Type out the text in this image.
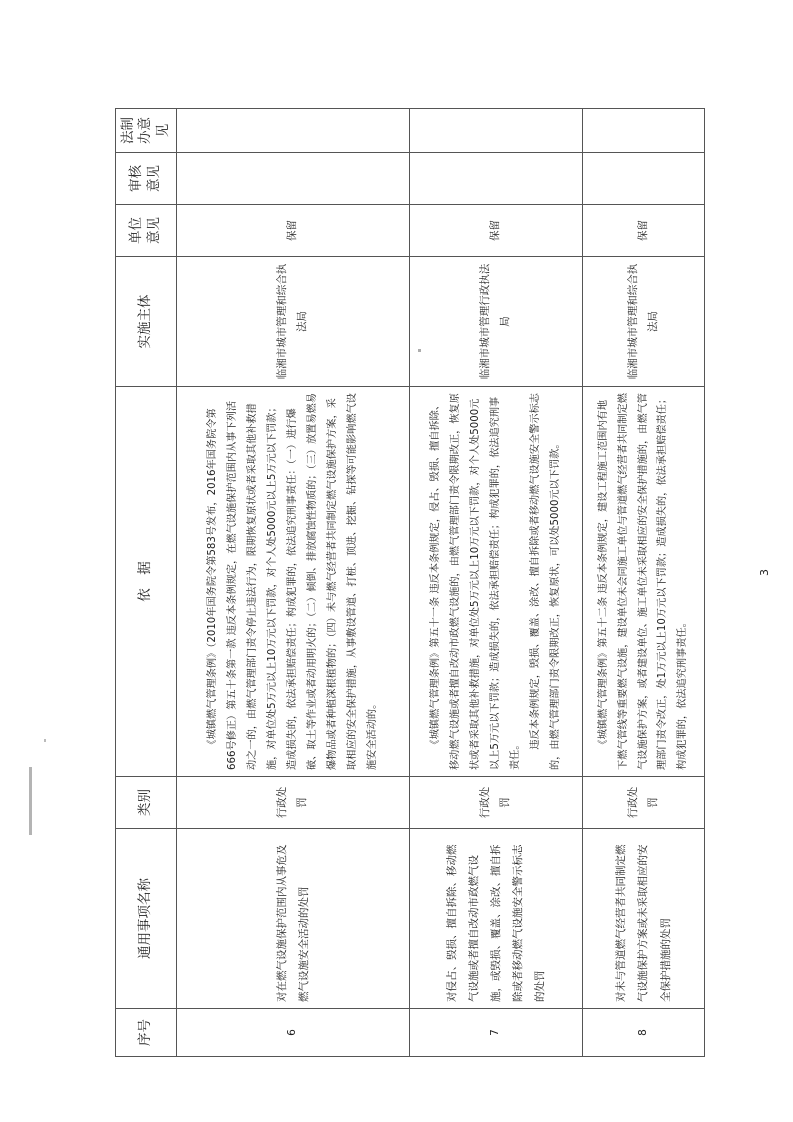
序号	通用事项名称	类别	依　据	实施主体	单位意见	审核意见	法制办意见
6	对在燃气设施保护范围内从事危及燃气设施安全活动的处罚	行政处罚	《城镇燃气管理条例》（2010年国务院令第583号发布，2016年国务院令第666号修正）第五十条第一款 违反本条例规定，在燃气设施保护范围内从事下列活动之一的，由燃气管理部门责令停止违法行为，限期恢复原状或者采取其他补救措施，对单位处5万元以上10万元以下罚款，对个人处5000元以上5万元以下罚款；造成损失的，依法承担赔偿责任；构成犯罪的，依法追究刑事责任：（一）进行爆破、取土等作业或者动用明火的；（二）倾倒、排放腐蚀性物质的；（三）放置易燃易爆物品或者种植深根植物的；（四）未与燃气经营者共同制定燃气设施保护方案，采取相应的安全保护措施，从事敷设管道、打桩、顶进、挖掘、钻探等可能影响燃气设施安全活动的。	临湘市城市管理和综合执法局	保留		
7	对侵占、毁损、擅自拆除、移动燃气设施或者擅自改动市政燃气设施，或毁损、覆盖、涂改、擅自拆除或者移动燃气设施安全警示标志的处罚	行政处罚	《城镇燃气管理条例》第五十一条 违反本条例规定，侵占、毁损、擅自拆除、移动燃气设施或者擅自改动市政燃气设施的，由燃气管理部门责令限期改正，恢复原状或者采取其他补救措施，对单位处5万元以上10万元以下罚款，对个人处5000元以上5万元以下罚款；造成损失的，依法承担赔偿责任；构成犯罪的，依法追究刑事责任。

违反本条例规定，毁损、覆盖、涂改、擅自拆除或者移动燃气设施安全警示标志的，由燃气管理部门责令限期改正，恢复原状，可以处5000元以下罚款。	临湘市城市管理行政执法局	保留		
8	对未与管道燃气经营者共同制定燃气设施保护方案或未采取相应的安全保护措施的处罚	行政处罚	《城镇燃气管理条例》第五十二条 违反本条例规定，建设工程施工范围内有地下燃气管线等重要燃气设施，建设单位未会同施工单位与管道燃气经营者共同制定燃气设施保护方案，或者建设单位、施工单位未采取相应的安全保护措施的，由燃气管理部门责令改正，处1万元以上10万元以下罚款；造成损失的，依法承担赔偿责任；构成犯罪的，依法追究刑事责任。	临湘市城市管理和综合执法局	保留		
3
